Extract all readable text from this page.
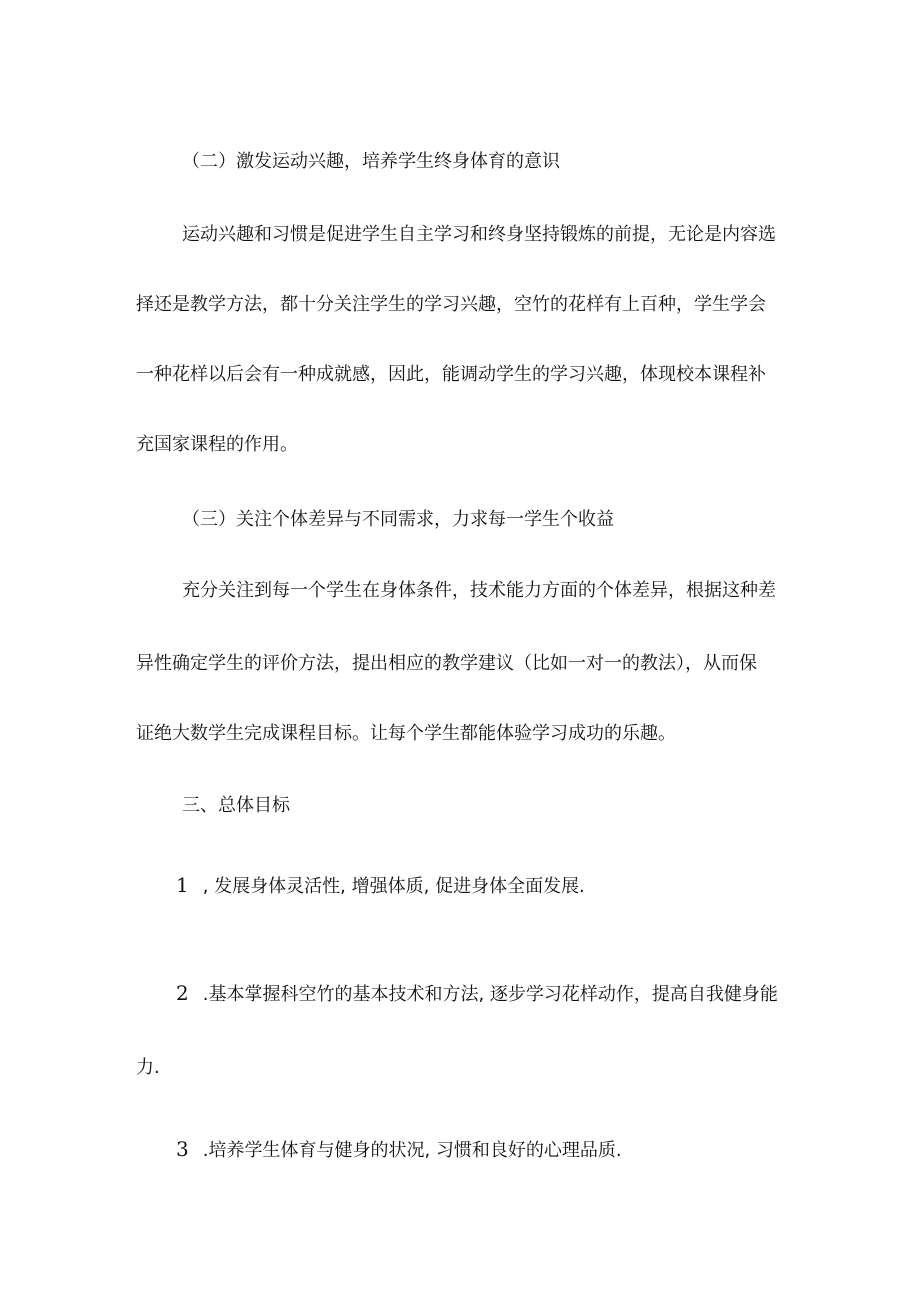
（二）激发运动兴趣，培养学生终身体育的意识
运动兴趣和习惯是促进学生自主学习和终身坚持锻炼的前提，无论是内容选
择还是教学方法，都十分关注学生的学习兴趣，空竹的花样有上百种，学生学会
一种花样以后会有一种成就感，因此，能调动学生的学习兴趣，体现校本课程补
充国家课程的作用。
（三）关注个体差异与不同需求，力求每一学生个收益
充分关注到每一个学生在身体条件，技术能力方面的个体差异，根据这种差
异性确定学生的评价方法，提出相应的教学建议（比如一对一的教法），从而保
证绝大数学生完成课程目标。让每个学生都能体验学习成功的乐趣。
三、总体目标
1 , 发展身体灵活性, 增强体质, 促进身体全面发展.
2 .基本掌握科空竹的基本技术和方法, 逐步学习花样动作，提高自我健身能
力.
3 .培养学生体育与健身的状况, 习惯和良好的心理品质.
